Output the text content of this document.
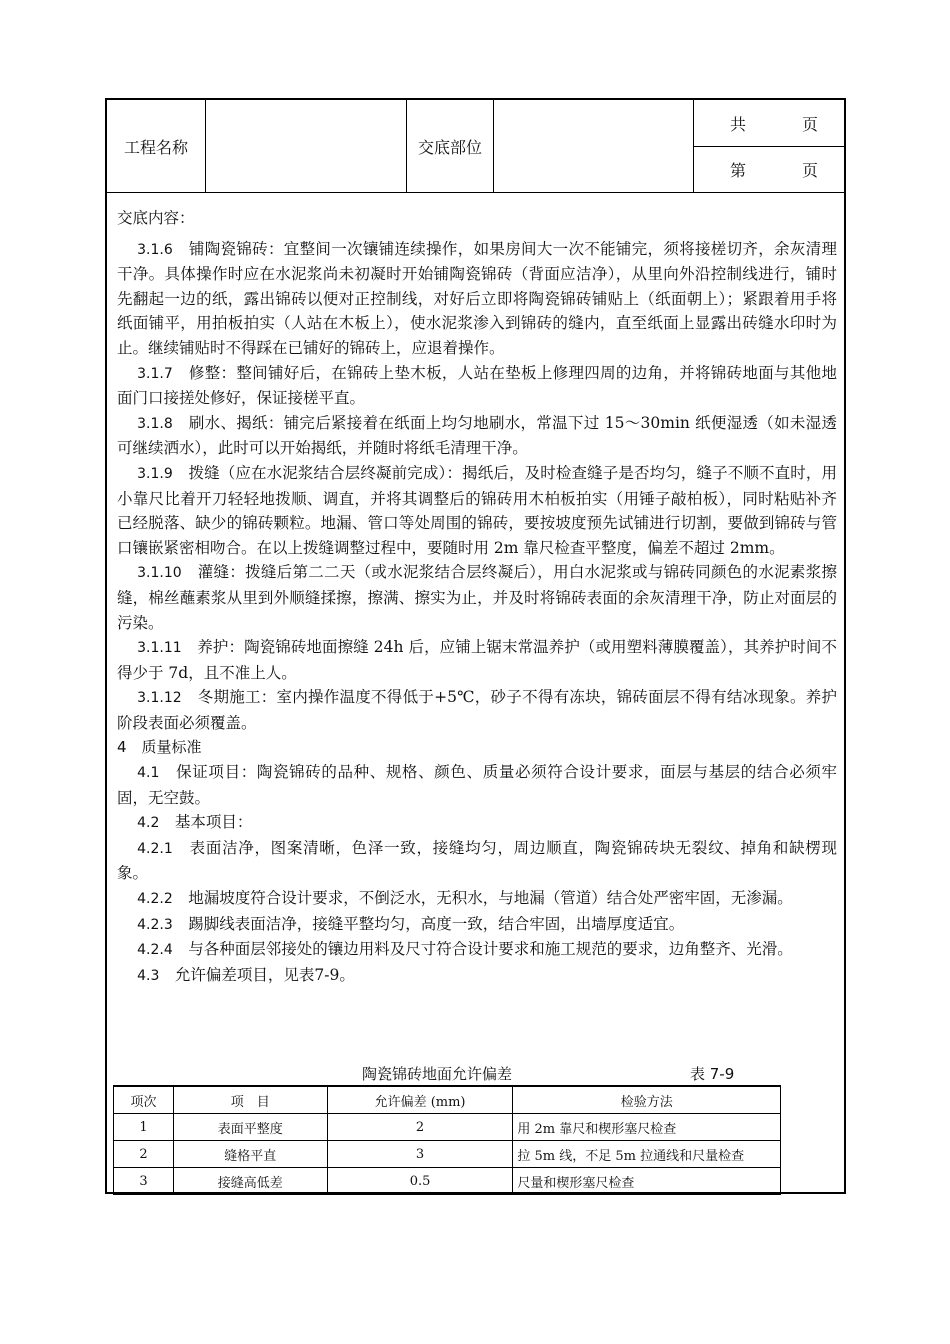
工程名称	交底部位
共	页
第	页

交底内容：

3.1.6　 铺陶瓷锦砖：宜整间一次镶铺连续操作，如果房间大一次不能铺完，须将接槎切齐，余灰清理干净。具体操作时应在水泥浆尚未初凝时开始铺陶瓷锦砖（背面应洁净），从里向外沿控制线进行，铺时先翻起一边的纸，露出锦砖以便对正控制线，对好后立即将陶瓷锦砖铺贴上（纸面朝上）；紧跟着用手将纸面铺平，用拍板拍实（人站在木板上），使水泥浆渗入到锦砖的缝内，直至纸面上显露出砖缝水印时为止。继续铺贴时不得踩在已铺好的锦砖上，应退着操作。

3.1.7　 修整：整间铺好后，在锦砖上垫木板，人站在垫板上修理四周的边角，并将锦砖地面与其他地面门口接搓处修好，保证接槎平直。

3.1.8　 刷水、揭纸：铺完后紧接着在纸面上均匀地刷水，常温下过 15～30min 纸便湿透（如未湿透可继续洒水），此时可以开始揭纸，并随时将纸毛清理干净。

3.1.9　 拨缝（应在水泥浆结合层终凝前完成）：揭纸后，及时检查缝子是否均匀，缝子不顺不直时，用小靠尺比着开刀轻轻地拨顺、调直，并将其调整后的锦砖用木柏板拍实（用锤子敲柏板），同时粘贴补齐已经脱落、缺少的锦砖颗粒。地漏、管口等处周围的锦砖，要按坡度预先试铺进行切割，要做到锦砖与管口镶嵌紧密相吻合。在以上拨缝调整过程中，要随时用 2m 靠尺检查平整度，偏差不超过 2mm。

3.1.10　 灌缝：拨缝后第二二天（或水泥浆结合层终凝后），用白水泥浆或与锦砖同颜色的水泥素浆擦缝，棉丝蘸素浆从里到外顺缝揉擦，擦满、擦实为止，并及时将锦砖表面的余灰清理干净，防止对面层的污染。

3.1.11　 养护：陶瓷锦砖地面擦缝 24h 后，应铺上锯末常温养护（或用塑料薄膜覆盖），其养护时间不得少于 7d，且不准上人。

3.1.12　 冬期施工：室内操作温度不得低于+5℃，砂子不得有冻块，锦砖面层不得有结冰现象。养护阶段表面必须覆盖。

4　质量标准

4.1　 保证项目：陶瓷锦砖的品种、规格、颜色、质量必须符合设计要求，面层与基层的结合必须牢固，无空鼓。

4.2　 基本项目：

4.2.1　 表面洁净，图案清晰，色泽一致，接缝均匀，周边顺直，陶瓷锦砖块无裂纹、掉角和缺楞现象。

4.2.2　 地漏坡度符合设计要求，不倒泛水，无积水，与地漏（管道）结合处严密牢固，无渗漏。

4.2.3　 踢脚线表面洁净，接缝平整均匀，高度一致，结合牢固，出墙厚度适宜。

4.2.4　 与各种面层邻接处的镶边用料及尺寸符合设计要求和施工规范的要求，边角整齐、光滑。

4.3　 允许偏差项目，见表7-9。

陶瓷锦砖地面允许偏差	表 7-9
项次	项　目	允许偏差 (mm)	检验方法
1	表面平整度	2	用 2m 靠尺和楔形塞尺检查
2	缝格平直	3	拉 5m 线，不足 5m 拉通线和尺量检查
3	接缝高低差	0.5	尺量和楔形塞尺检查
